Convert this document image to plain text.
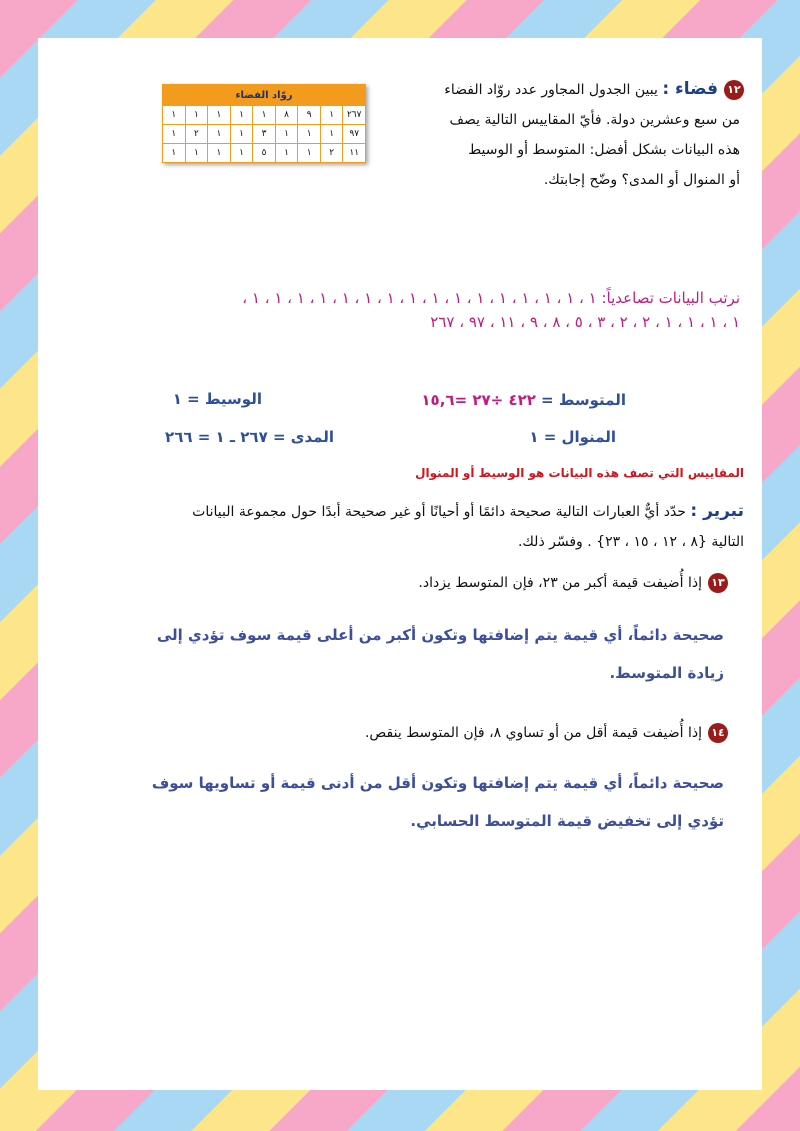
روّاد الفضاء								
٢٦٧	١	٩	٨	١	١	١	١	١
٩٧	١	١	١	٣	١	١	٢	١
١١	٢	١	١	٥	١	١	١	١
١٢فضاء : يبين الجدول المجاور عدد روّاد الفضاء
من سبع وعشرين دولة. فأيّ المقاييس التالية يصف
هذه البيانات بشكل أفضل: المتوسط أو الوسيط
أو المنوال أو المدى؟ وضّح إجابتك.
نرتب البيانات تصاعدياً: ١ ، ١ ، ١ ، ١ ، ١ ، ١ ، ١ ، ١ ، ١ ، ١ ، ١ ، ١ ، ١ ، ١ ، ١ ، ١ ،
١ ، ١ ، ١ ، ١ ، ٢ ، ٢ ، ٣ ، ٥ ، ٨ ، ٩ ، ١١ ، ٩٧ ، ٢٦٧
المتوسط = ٤٢٢ ÷٢٧ =١٥,٦
الوسيط = ١
المنوال = ١
المدى = ٢٦٧ ـ ١ = ٢٦٦
المقاييس التي تصف هذه البيانات هو الوسيط أو المنوال
تبرير : حدّد أيٌّ العبارات التالية صحيحة دائمًا أو أحيانًا أو غير صحيحة أبدًا حول مجموعة البيانات
التالية {٨ ، ١٢ ، ١٥ ، ٢٣} . وفسّر ذلك.
١٣إذا أُضيفت قيمة أكبر من ٢٣، فإن المتوسط يزداد.
صحيحة دائماً، أي قيمة يتم إضافتها وتكون أكبر من أعلى قيمة سوف تؤدي إلى
زيادة المتوسط.
١٤إذا أُضيفت قيمة أقل من أو تساوي ٨، فإن المتوسط ينقص.
صحيحة دائماً، أي قيمة يتم إضافتها وتكون أقل من أدنى قيمة أو تساويها سوف
تؤدي إلى تخفيض قيمة المتوسط الحسابي.
